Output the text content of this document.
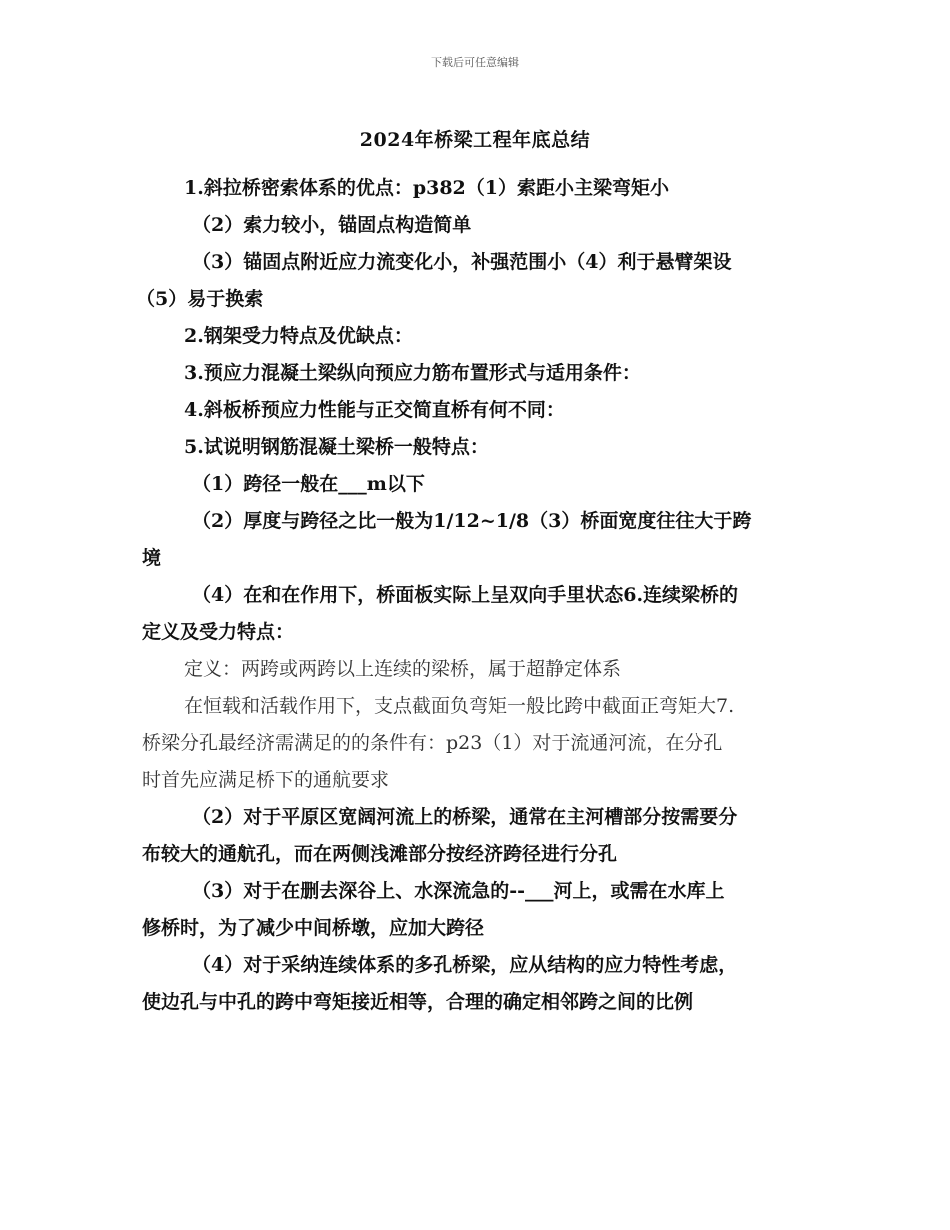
下载后可任意编辑
2024年桥梁工程年底总结

1.斜拉桥密索体系的优点：p382（1）索距小主梁弯矩小

（2）索力较小，锚固点构造简单

（3）锚固点附近应力流变化小，补强范围小（4）利于悬臂架设

（5）易于换索

2.钢架受力特点及优缺点：

3.预应力混凝土梁纵向预应力筋布置形式与适用条件：

4.斜板桥预应力性能与正交简直桥有何不同：

5.试说明钢筋混凝土梁桥一般特点：

（1）跨径一般在___m以下

（2）厚度与跨径之比一般为1/12~1/8（3）桥面宽度往往大于跨

境

（4）在和在作用下，桥面板实际上呈双向手里状态6.连续梁桥的

定义及受力特点：

定义：两跨或两跨以上连续的梁桥，属于超静定体系

在恒载和活载作用下，支点截面负弯矩一般比跨中截面正弯矩大7.

桥梁分孔最经济需满足的的条件有：p23（1）对于流通河流，在分孔

时首先应满足桥下的通航要求

（2）对于平原区宽阔河流上的桥梁，通常在主河槽部分按需要分

布较大的通航孔，而在两侧浅滩部分按经济跨径进行分孔

（3）对于在删去深谷上、水深流急的--___河上，或需在水库上

修桥时，为了减少中间桥墩，应加大跨径

（4）对于采纳连续体系的多孔桥梁，应从结构的应力特性考虑，

使边孔与中孔的跨中弯矩接近相等，合理的确定相邻跨之间的比例
